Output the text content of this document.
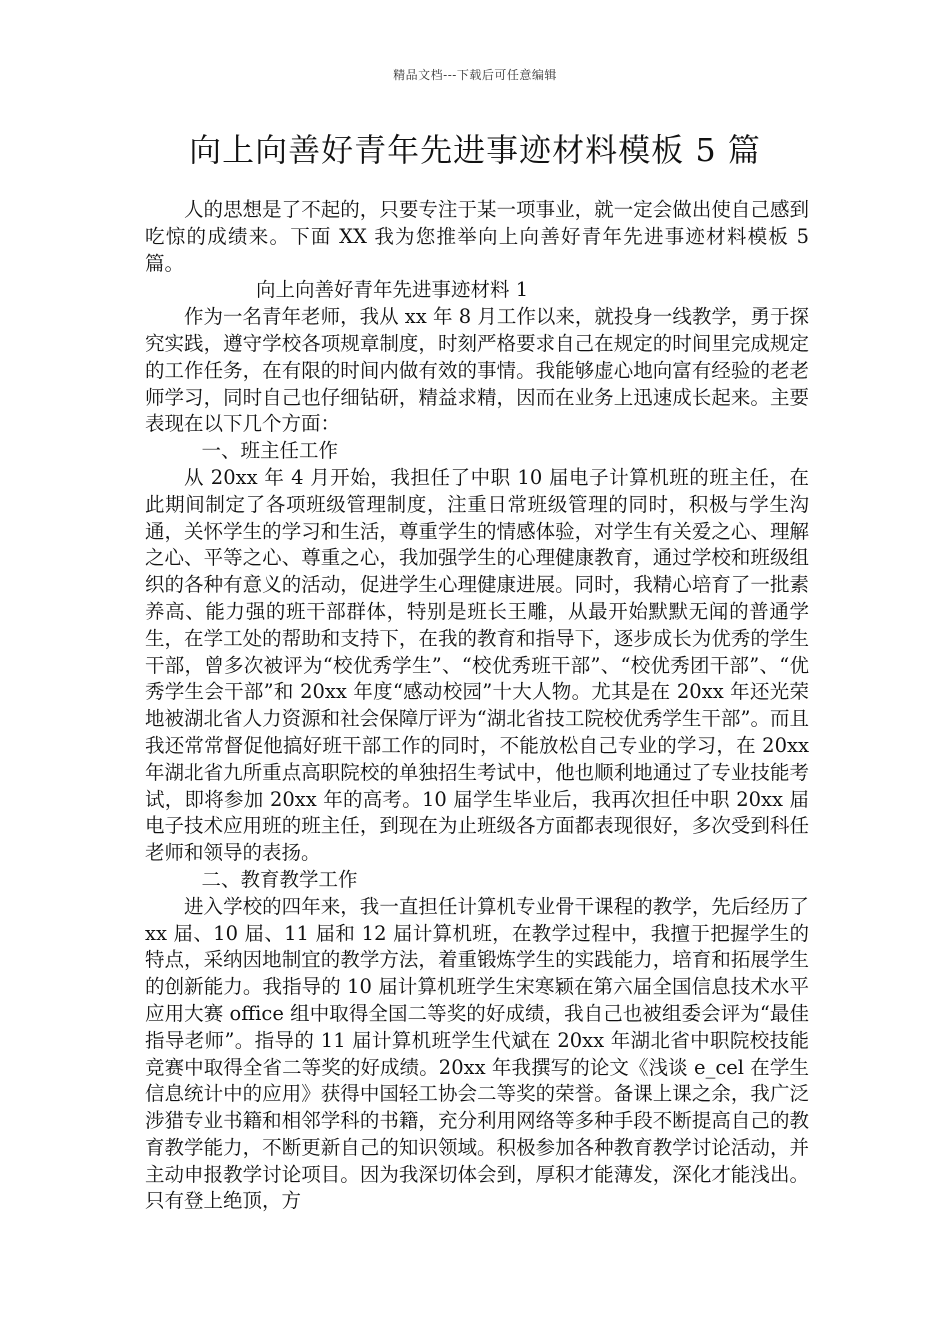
精品文档---下载后可任意编辑
向上向善好青年先进事迹材料模板 5 篇

人的思想是了不起的，只要专注于某一项事业，就一定会做出使自己感到吃惊的成绩来。下面 XX 我为您推举向上向善好青年先进事迹材料模板 5 篇。

向上向善好青年先进事迹材料 1

作为一名青年老师，我从 xx 年 8 月工作以来，就投身一线教学，勇于探究实践，遵守学校各项规章制度，时刻严格要求自己在规定的时间里完成规定的工作任务，在有限的时间内做有效的事情。我能够虚心地向富有经验的老老师学习，同时自己也仔细钻研，精益求精，因而在业务上迅速成长起来。主要表现在以下几个方面：

一、班主任工作

从 20xx 年 4 月开始，我担任了中职 10 届电子计算机班的班主任，在此期间制定了各项班级管理制度，注重日常班级管理的同时，积极与学生沟通，关怀学生的学习和生活，尊重学生的情感体验，对学生有关爱之心、理解之心、平等之心、尊重之心，我加强学生的心理健康教育，通过学校和班级组织的各种有意义的活动，促进学生心理健康进展。同时，我精心培育了一批素养高、能力强的班干部群体，特别是班长王雕，从最开始默默无闻的普通学生，在学工处的帮助和支持下，在我的教育和指导下，逐步成长为优秀的学生干部，曾多次被评为“校优秀学生”、“校优秀班干部”、“校优秀团干部”、“优秀学生会干部”和 20xx 年度“感动校园”十大人物。尤其是在 20xx 年还光荣地被湖北省人力资源和社会保障厅评为“湖北省技工院校优秀学生干部”。而且我还常常督促他搞好班干部工作的同时，不能放松自己专业的学习，在 20xx 年湖北省九所重点高职院校的单独招生考试中，他也顺利地通过了专业技能考试，即将参加 20xx 年的高考。10 届学生毕业后，我再次担任中职 20xx 届电子技术应用班的班主任，到现在为止班级各方面都表现很好，多次受到科任老师和领导的表扬。

二、教育教学工作

进入学校的四年来，我一直担任计算机专业骨干课程的教学，先后经历了 xx 届、10 届、11 届和 12 届计算机班，在教学过程中，我擅于把握学生的特点，采纳因地制宜的教学方法，着重锻炼学生的实践能力，培育和拓展学生的创新能力。我指导的 10 届计算机班学生宋寒颖在第六届全国信息技术水平应用大赛 office 组中取得全国二等奖的好成绩，我自己也被组委会评为“最佳指导老师”。指导的 11 届计算机班学生代斌在 20xx 年湖北省中职院校技能竞赛中取得全省二等奖的好成绩。20xx 年我撰写的论文《浅谈 e_cel 在学生信息统计中的应用》获得中国轻工协会二等奖的荣誉。备课上课之余，我广泛涉猎专业书籍和相邻学科的书籍，充分利用网络等多种手段不断提高自己的教育教学能力，不断更新自己的知识领域。积极参加各种教育教学讨论活动，并主动申报教学讨论项目。因为我深切体会到，厚积才能薄发，深化才能浅出。只有登上绝顶，方
